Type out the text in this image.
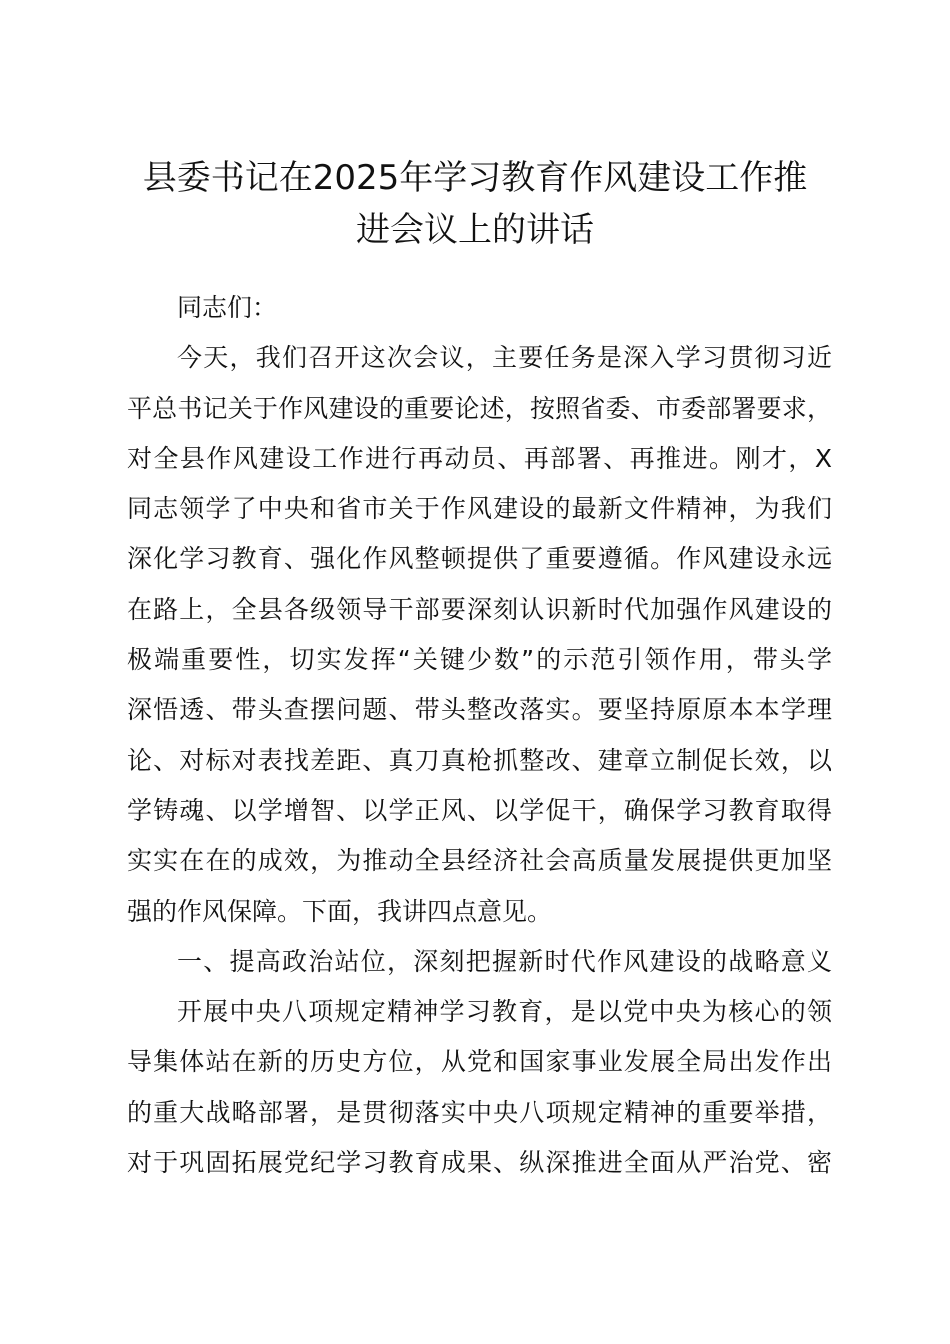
县委书记在2025年学习教育作风建设工作推
进会议上的讲话
同志们：
今天，我们召开这次会议，主要任务是深入学习贯彻习近
平总书记关于作风建设的重要论述，按照省委、市委部署要求，
对全县作风建设工作进行再动员、再部署、再推进。刚才，X
同志领学了中央和省市关于作风建设的最新文件精神，为我们
深化学习教育、强化作风整顿提供了重要遵循。作风建设永远
在路上，全县各级领导干部要深刻认识新时代加强作风建设的
极端重要性，切实发挥“关键少数”的示范引领作用，带头学
深悟透、带头查摆问题、带头整改落实。要坚持原原本本学理
论、对标对表找差距、真刀真枪抓整改、建章立制促长效，以
学铸魂、以学增智、以学正风、以学促干，确保学习教育取得
实实在在的成效，为推动全县经济社会高质量发展提供更加坚
强的作风保障。下面，我讲四点意见。
一、提高政治站位，深刻把握新时代作风建设的战略意义
开展中央八项规定精神学习教育，是以党中央为核心的领
导集体站在新的历史方位，从党和国家事业发展全局出发作出
的重大战略部署，是贯彻落实中央八项规定精神的重要举措，
对于巩固拓展党纪学习教育成果、纵深推进全面从严治党、密
